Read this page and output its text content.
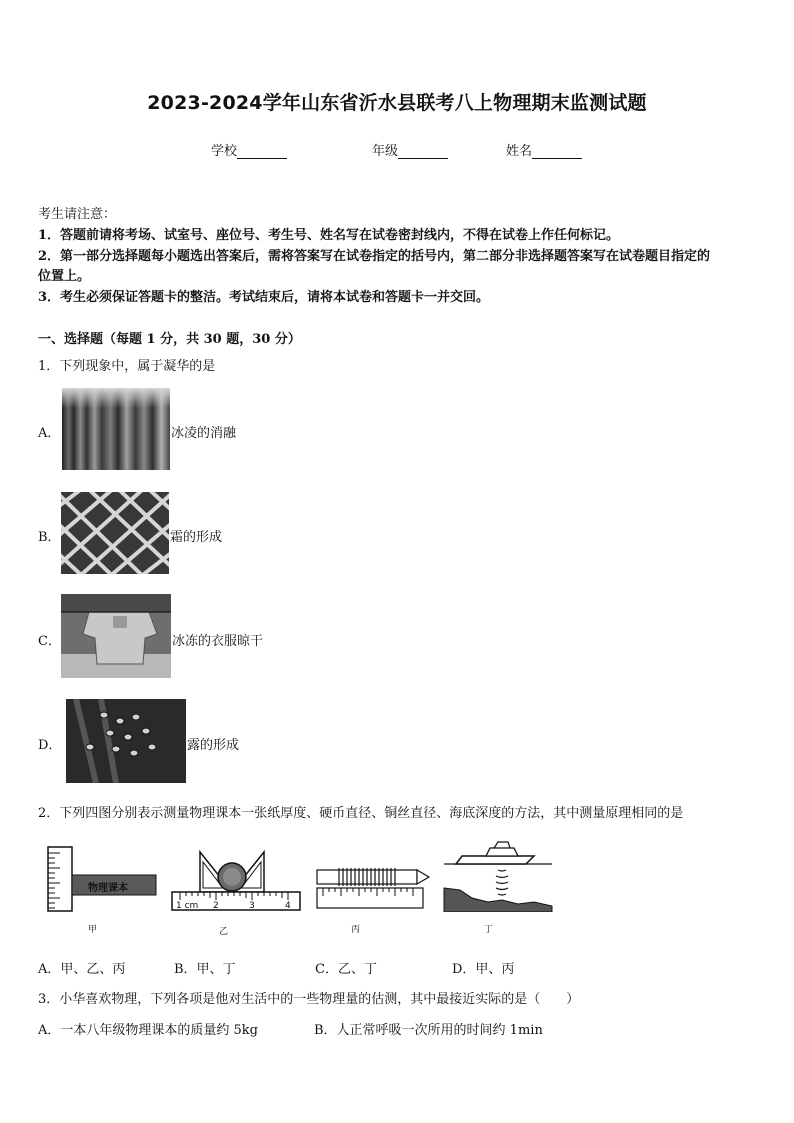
2023-2024学年山东省沂水县联考八上物理期末监测试题
学校	年级	姓名
考生请注意：
1．答题前请将考场、试室号、座位号、考生号、姓名写在试卷密封线内，不得在试卷上作任何标记。
2．第一部分选择题每小题选出答案后，需将答案写在试卷指定的括号内，第二部分非选择题答案写在试卷题目指定的
位置上。
3．考生必须保证答题卡的整洁。考试结束后，请将本试卷和答题卡一并交回。
一、选择题（每题 1 分，共 30 题，30 分）
1．下列现象中，属于凝华的是
A．	冰凌的消融
B．	霜的形成
C．	冰冻的衣服晾干
D．	露的形成
2．下列四图分别表示测量物理课本一张纸厚度、硬币直径、铜丝直径、海底深度的方法，其中测量原理相同的是
物理课本
1 cm 2	3	4
甲	乙	丙	丁
A．甲、乙、丙	B．甲、丁	C．乙、丁	D．甲、丙
3．小华喜欢物理，下列各项是他对生活中的一些物理量的估测，其中最接近实际的是（　　）
A．一本八年级物理课本的质量约 5kg	B．人正常呼吸一次所用的时间约 1min
